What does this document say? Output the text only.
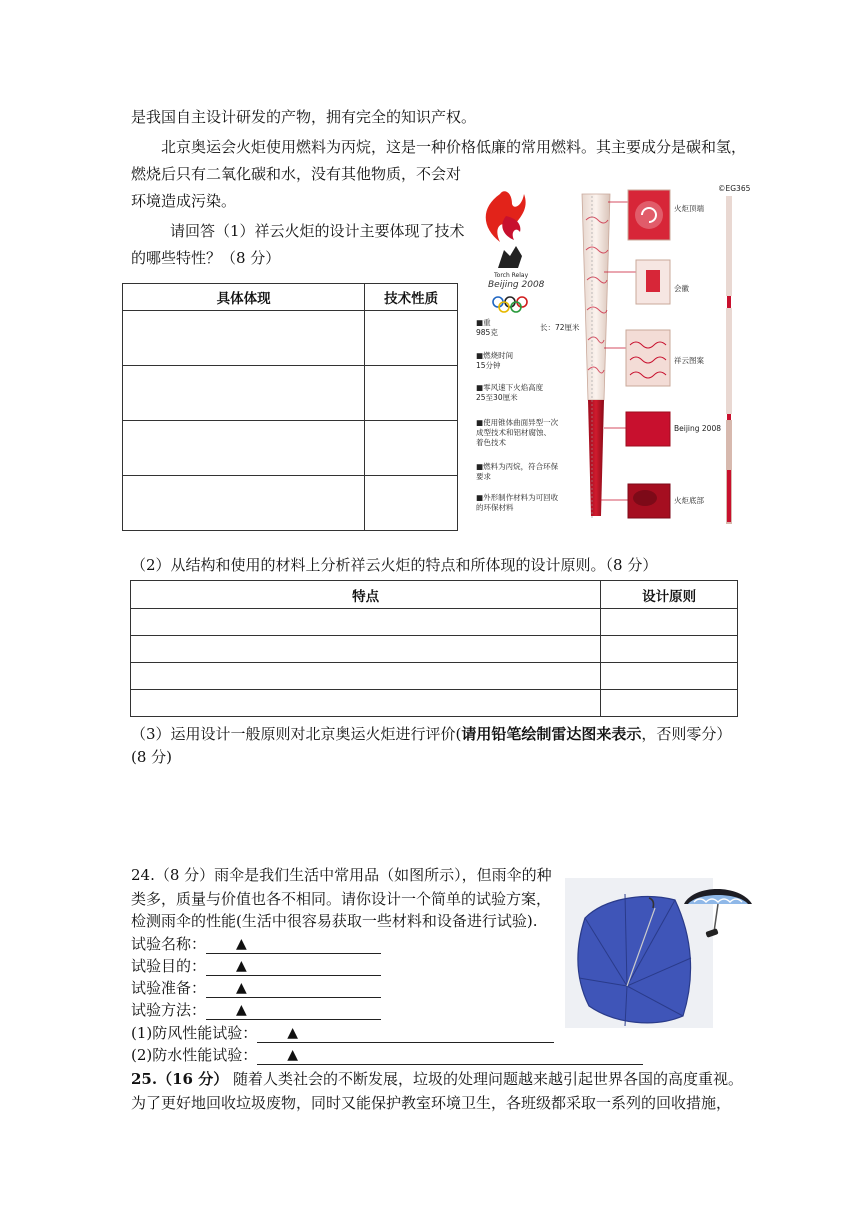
是我国自主设计研发的产物，拥有完全的知识产权。
北京奥运会火炬使用燃料为丙烷，这是一种价格低廉的常用燃料。其主要成分是碳和氢，
燃烧后只有二氧化碳和水，没有其他物质，不会对
环境造成污染。
请回答（1）祥云火炬的设计主要体现了技术
的哪些特性？（8 分）
具体体现	技术性质

©EG365
Torch Relay
Beijing 2008
长：72厘米
■重
985克
■燃烧时间
15分钟
■零风速下火焰高度
25至30厘米
■使用锥体曲面异型一次
成型技术和铝材腐蚀、
着色技术
■燃料为丙烷，符合环保
要求
■外形制作材料为可回收
的环保材料
火炬顶端
会徽
祥云图案
Beijing 2008
火炬底部
（2）从结构和使用的材料上分析祥云火炬的特点和所体现的设计原则。（8 分）
特点	设计原则

（3）运用设计一般原则对北京奥运火炬进行评价(请用铅笔绘制雷达图来表示，否则零分）
(8 分)
24.（8 分）雨伞是我们生活中常用品（如图所示），但雨伞的种
类多，质量与价值也各不相同。请你设计一个简单的试验方案，
检测雨伞的性能(生活中很容易获取一些材料和设备进行试验).
试验名称： ▲
试验目的： ▲
试验准备： ▲
试验方法： ▲
(1)防风性能试验： ▲
(2)防水性能试验： ▲
25.（16 分） 随着人类社会的不断发展，垃圾的处理问题越来越引起世界各国的高度重视。
为了更好地回收垃圾废物，同时又能保护教室环境卫生，各班级都采取一系列的回收措施，
